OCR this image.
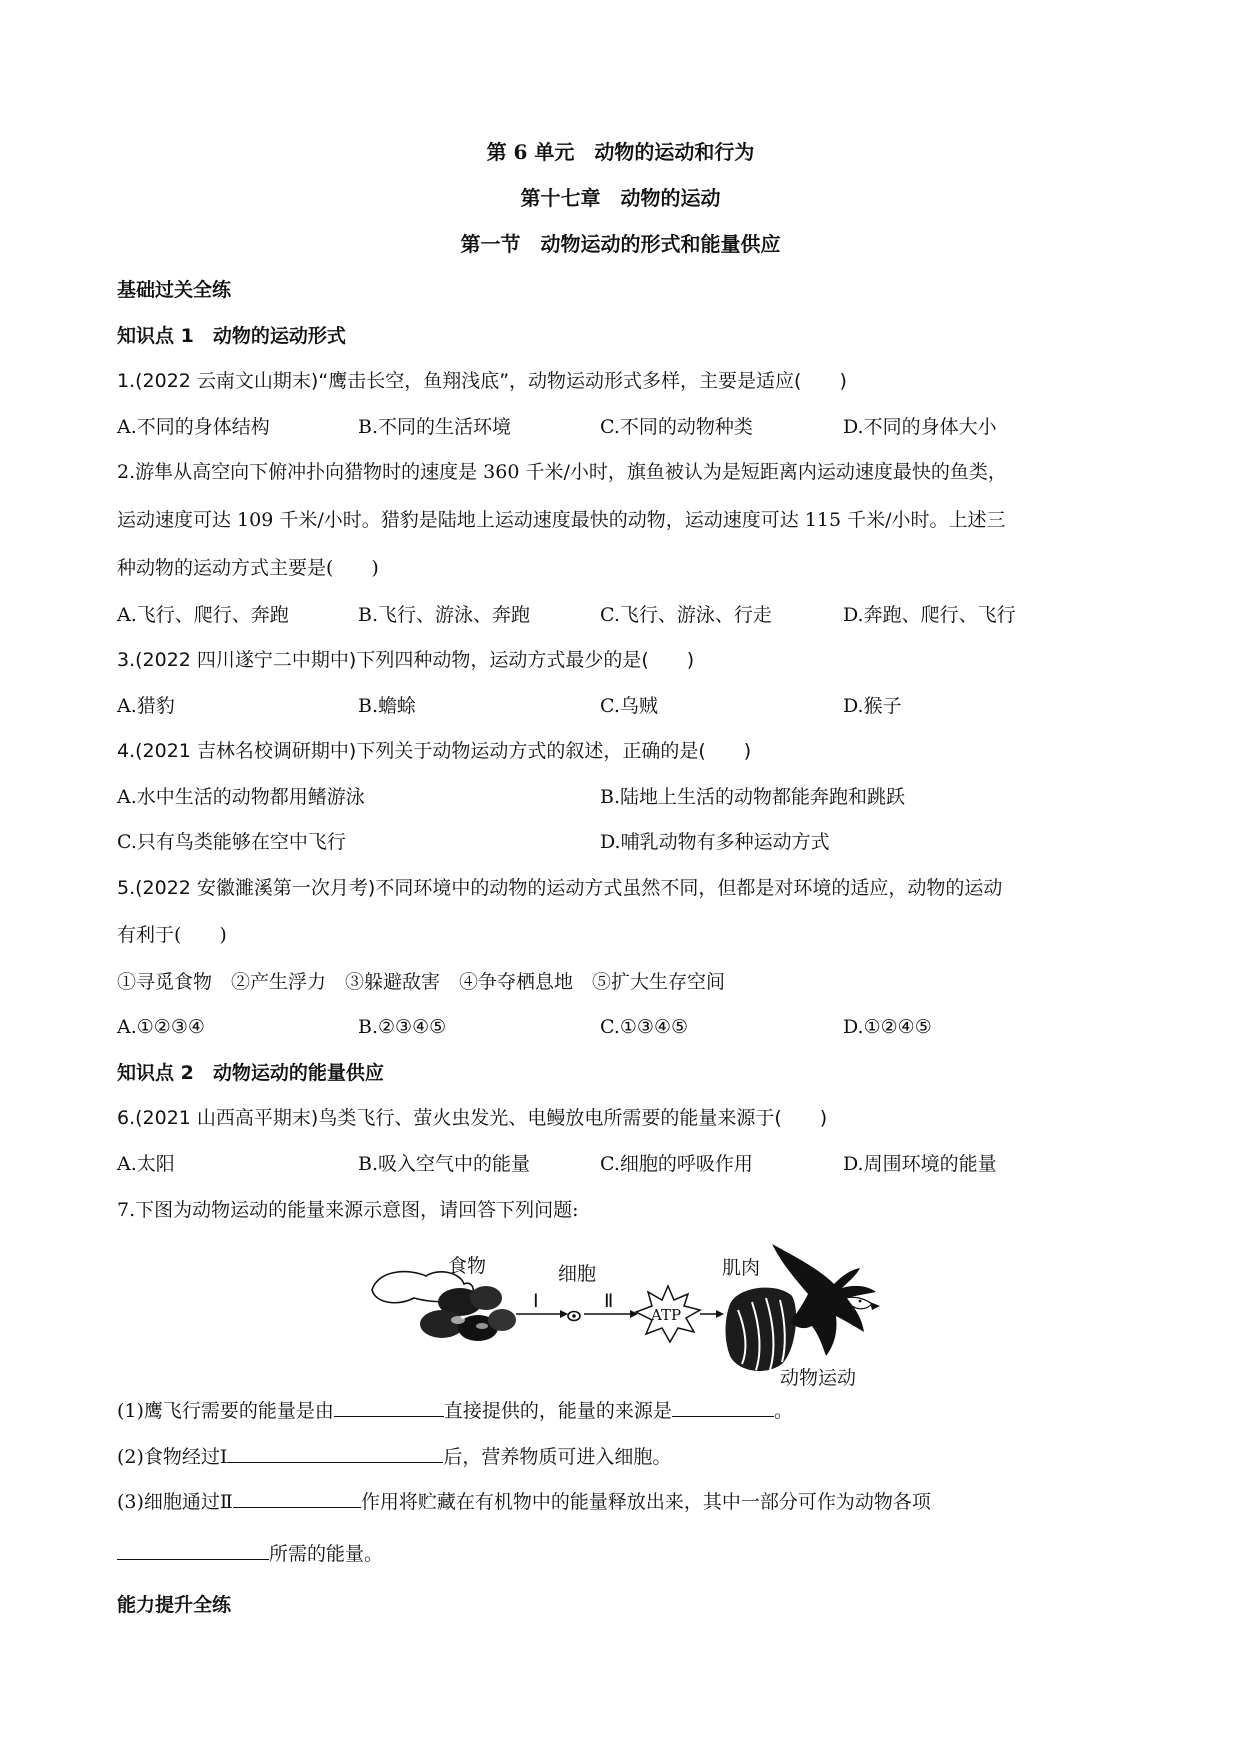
第 6 单元　动物的运动和行为
第十七章　动物的运动
第一节　动物运动的形式和能量供应
基础过关全练
知识点 1　动物的运动形式
1.(2022 云南文山期末)“鹰击长空，鱼翔浅底”，动物运动形式多样，主要是适应(　　)
A.不同的身体结构	B.不同的生活环境	C.不同的动物种类	D.不同的身体大小
2.游隼从高空向下俯冲扑向猎物时的速度是 360 千米/小时，旗鱼被认为是短距离内运动速度最快的鱼类，
运动速度可达 109 千米/小时。猎豹是陆地上运动速度最快的动物，运动速度可达 115 千米/小时。上述三
种动物的运动方式主要是(　　)
A.飞行、爬行、奔跑	B.飞行、游泳、奔跑	C.飞行、游泳、行走	D.奔跑、爬行、飞行
3.(2022 四川遂宁二中期中)下列四种动物，运动方式最少的是(　　)
A.猎豹	B.蟾蜍	C.乌贼	D.猴子
4.(2021 吉林名校调研期中)下列关于动物运动方式的叙述，正确的是(　　)
A.水中生活的动物都用鳍游泳	B.陆地上生活的动物都能奔跑和跳跃
C.只有鸟类能够在空中飞行	D.哺乳动物有多种运动方式
5.(2022 安徽濉溪第一次月考)不同环境中的动物的运动方式虽然不同，但都是对环境的适应，动物的运动
有利于(　　)
①寻觅食物　②产生浮力　③躲避敌害　④争夺栖息地　⑤扩大生存空间
A.①②③④	B.②③④⑤	C.①③④⑤	D.①②④⑤
知识点 2　动物运动的能量供应
6.(2021 山西高平期末)鸟类飞行、萤火虫发光、电鳗放电所需要的能量来源于(　　)
A.太阳	B.吸入空气中的能量	C.细胞的呼吸作用	D.周围环境的能量
7.下图为动物运动的能量来源示意图，请回答下列问题:
食物
Ⅰ
细胞
Ⅱ
ATP
肌肉
动物运动
(1)鹰飞行需要的能量是由	直接提供的，能量的来源是	。
(2)食物经过Ⅰ	后，营养物质可进入细胞。
(3)细胞通过Ⅱ	作用将贮藏在有机物中的能量释放出来，其中一部分可作为动物各项
所需的能量。
能力提升全练
